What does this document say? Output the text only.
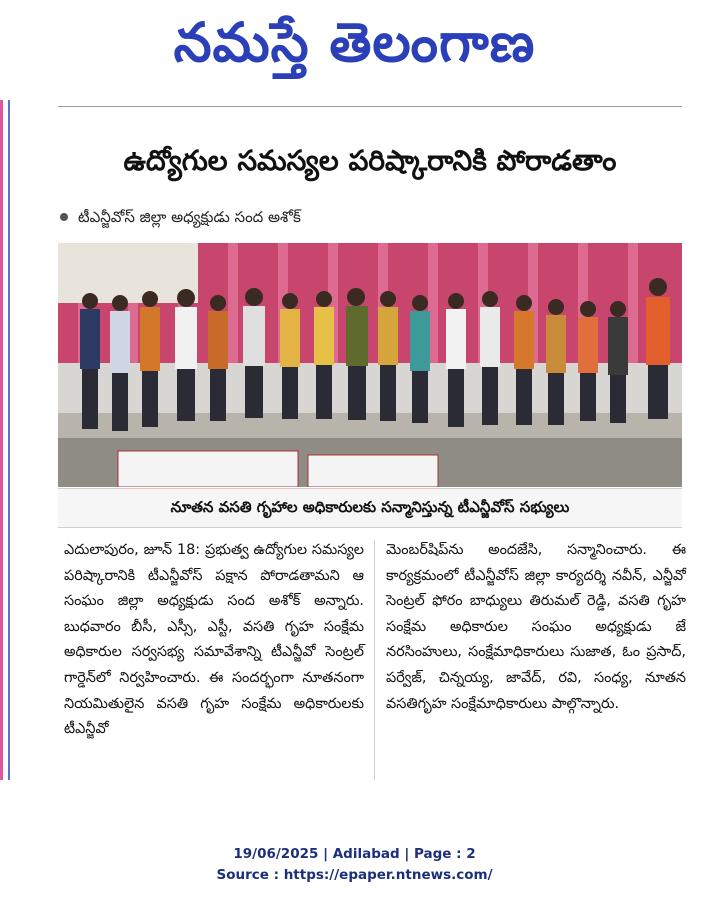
నమస్తే తెలంగాణ
ఉద్యోగుల సమస్యల పరిష్కారానికి పోరాడతాం
టీఎన్జీవోస్ జిల్లా అధ్యక్షుడు సంద అశోక్
నూతన వసతి గృహాల అధికారులకు సన్మానిస్తున్న టీఎన్జీవోస్ సభ్యులు

ఎదులాపురం, జూన్ 18: ప్రభుత్వ ఉద్యోగుల సమస్యల పరిష్కారానికి టీఎన్జీవోస్ పక్షాన పోరాడతామని ఆ సంఘం జిల్లా అధ్యక్షుడు సంద అశోక్ అన్నారు. బుధవారం బీసీ, ఎస్సీ, ఎస్టీ, వసతి గృహ సంక్షేమ అధికారుల సర్వసభ్య సమావేశాన్ని టీఎన్జీవో సెంట్రల్ గార్డెన్‌లో నిర్వహించారు. ఈ సందర్భంగా నూతనంగా నియమితులైన వసతి గృహ సంక్షేమ అధికారులకు టీఎన్జీవో

మెంబర్‌షిప్‌ను అందజేసి, సన్మానించారు. ఈ కార్యక్రమంలో టీఎన్జీవోస్ జిల్లా కార్యదర్శి నవీన్, ఎన్జీవో సెంట్రల్ ఫోరం బాధ్యులు తిరుమల్ రెడ్డి, వసతి గృహ సంక్షేమ అధికారుల సంఘం అధ్యక్షుడు జే నరసింహులు, సంక్షేమాధికారులు సుజాత, ఓం ప్రసాద్, పర్వేజ్, చిన్నయ్య, జావేద్, రవి, సంధ్య, నూతన వసతిగృహ సంక్షేమాధికారులు పాల్గొన్నారు.

19/06/2025 | Adilabad | Page : 2
Source : https://epaper.ntnews.com/
